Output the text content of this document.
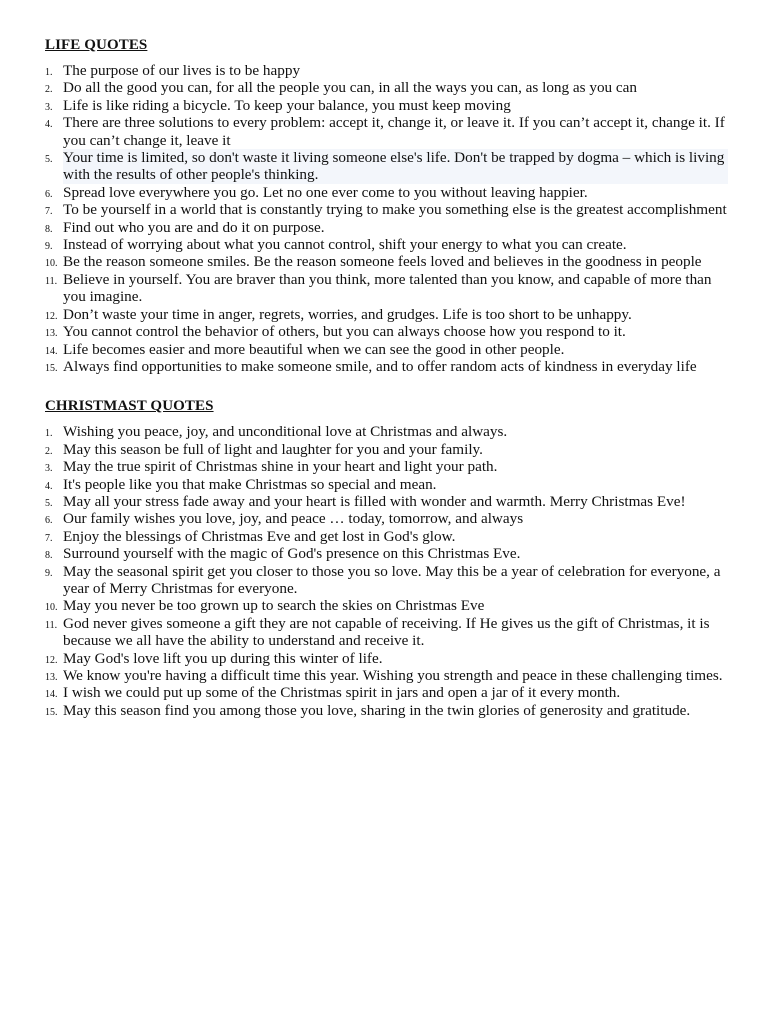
LIFE QUOTES
1. The purpose of our lives is to be happy
2. Do all the good you can, for all the people you can, in all the ways you can, as long as you can
3. Life is like riding a bicycle. To keep your balance, you must keep moving
4. There are three solutions to every problem: accept it, change it, or leave it. If you can’t accept it, change it. If you can’t change it, leave it
5. Your time is limited, so don't waste it living someone else's life. Don't be trapped by dogma – which is living with the results of other people's thinking.
6. Spread love everywhere you go. Let no one ever come to you without leaving happier.
7. To be yourself in a world that is constantly trying to make you something else is the greatest accomplishment
8. Find out who you are and do it on purpose.
9. Instead of worrying about what you cannot control, shift your energy to what you can create.
10. Be the reason someone smiles. Be the reason someone feels loved and believes in the goodness in people
11. Believe in yourself. You are braver than you think, more talented than you know, and capable of more than you imagine.
12. Don’t waste your time in anger, regrets, worries, and grudges. Life is too short to be unhappy.
13. You cannot control the behavior of others, but you can always choose how you respond to it.
14. Life becomes easier and more beautiful when we can see the good in other people.
15. Always find opportunities to make someone smile, and to offer random acts of kindness in everyday life
CHRISTMAST QUOTES
1. Wishing you peace, joy, and unconditional love at Christmas and always.
2. May this season be full of light and laughter for you and your family.
3. May the true spirit of Christmas shine in your heart and light your path.
4. It's people like you that make Christmas so special and mean.
5. May all your stress fade away and your heart is filled with wonder and warmth. Merry Christmas Eve!
6. Our family wishes you love, joy, and peace … today, tomorrow, and always
7. Enjoy the blessings of Christmas Eve and get lost in God's glow.
8. Surround yourself with the magic of God's presence on this Christmas Eve.
9. May the seasonal spirit get you closer to those you so love. May this be a year of celebration for everyone, a year of Merry Christmas for everyone.
10. May you never be too grown up to search the skies on Christmas Eve
11. God never gives someone a gift they are not capable of receiving. If He gives us the gift of Christmas, it is because we all have the ability to understand and receive it.
12. May God's love lift you up during this winter of life.
13. We know you're having a difficult time this year. Wishing you strength and peace in these challenging times.
14. I wish we could put up some of the Christmas spirit in jars and open a jar of it every month.
15. May this season find you among those you love, sharing in the twin glories of generosity and gratitude.
